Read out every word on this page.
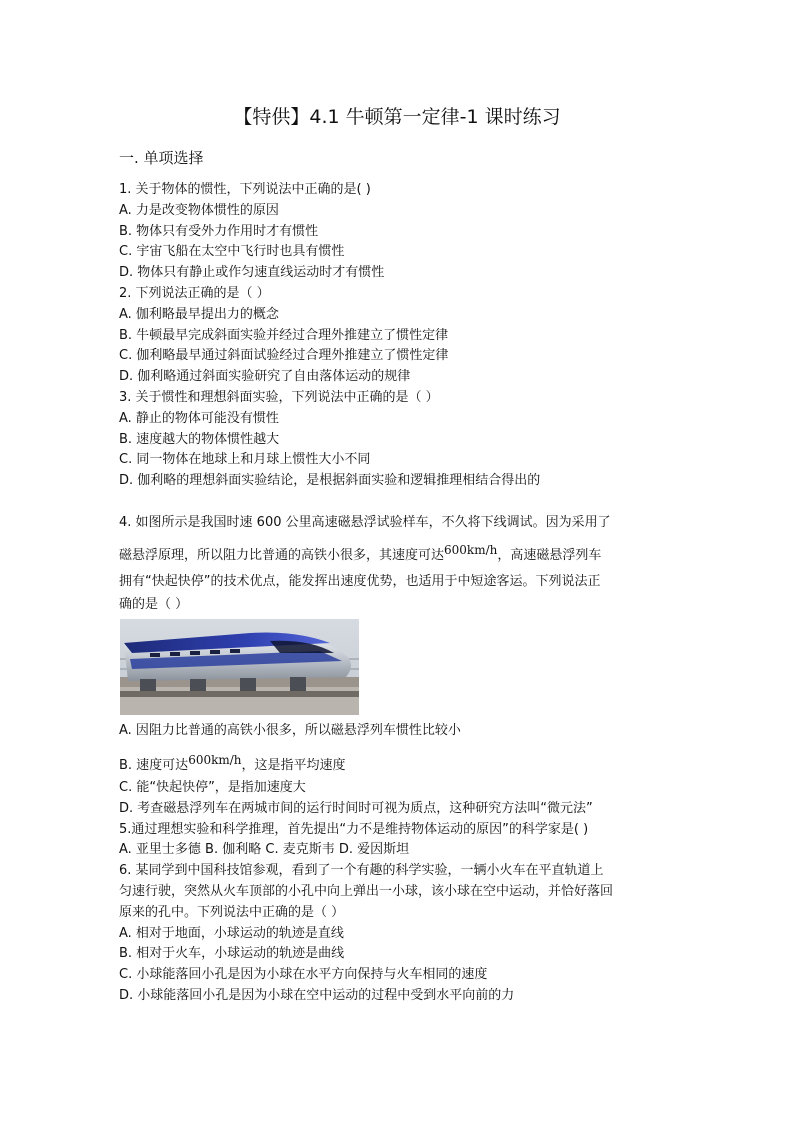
【特供】4.1 牛顿第一定律-1 课时练习
一. 单项选择
1. 关于物体的惯性，下列说法中正确的是( )
A. 力是改变物体惯性的原因
B. 物体只有受外力作用时才有惯性
C. 宇宙飞船在太空中飞行时也具有惯性
D. 物体只有静止或作匀速直线运动时才有惯性
2. 下列说法正确的是（ ）
A. 伽利略最早提出力的概念
B. 牛顿最早完成斜面实验并经过合理外推建立了惯性定律
C. 伽利略最早通过斜面试验经过合理外推建立了惯性定律
D. 伽利略通过斜面实验研究了自由落体运动的规律
3. 关于惯性和理想斜面实验，下列说法中正确的是（ ）
A. 静止的物体可能没有惯性
B. 速度越大的物体惯性越大
C. 同一物体在地球上和月球上惯性大小不同
D. 伽利略的理想斜面实验结论，是根据斜面实验和逻辑推理相结合得出的
4. 如图所示是我国时速 600 公里高速磁悬浮试验样车，不久将下线调试。因为采用了
磁悬浮原理，所以阻力比普通的高铁小很多，其速度可达600km/h，高速磁悬浮列车
拥有“快起快停”的技术优点，能发挥出速度优势，也适用于中短途客运。下列说法正
确的是（ ）
A. 因阻力比普通的高铁小很多，所以磁悬浮列车惯性比较小
B. 速度可达600km/h，这是指平均速度
C. 能“快起快停”，是指加速度大
D. 考查磁悬浮列车在两城市间的运行时间时可视为质点，这种研究方法叫“微元法”
5.通过理想实验和科学推理，首先提出“力不是维持物体运动的原因”的科学家是( )
A. 亚里士多德 B. 伽利略 C. 麦克斯韦 D. 爱因斯坦
6. 某同学到中国科技馆参观，看到了一个有趣的科学实验，一辆小火车在平直轨道上
匀速行驶，突然从火车顶部的小孔中向上弹出一小球，该小球在空中运动，并恰好落回
原来的孔中。下列说法中正确的是（ ）
A. 相对于地面，小球运动的轨迹是直线
B. 相对于火车，小球运动的轨迹是曲线
C. 小球能落回小孔是因为小球在水平方向保持与火车相同的速度
D. 小球能落回小孔是因为小球在空中运动的过程中受到水平向前的力
